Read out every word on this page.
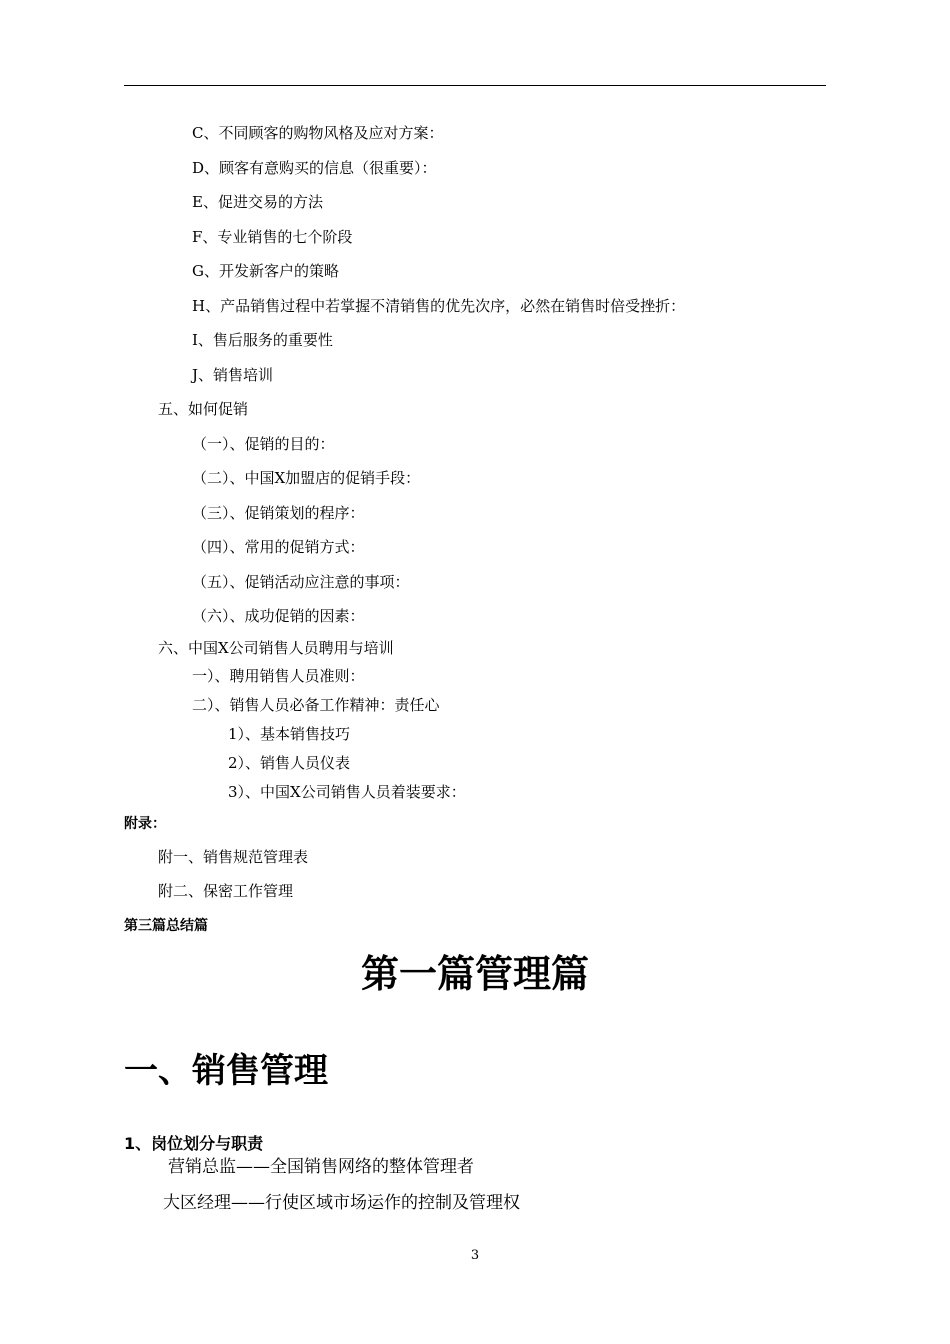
C、不同顾客的购物风格及应对方案：
D、顾客有意购买的信息（很重要）：
E、促进交易的方法
F、专业销售的七个阶段
G、开发新客户的策略
H、产品销售过程中若掌握不清销售的优先次序，必然在销售时倍受挫折：
I、售后服务的重要性
J、销售培训
五、如何促销
（一）、促销的目的：
（二）、中国X加盟店的促销手段：
（三）、促销策划的程序：
（四）、常用的促销方式：
（五）、促销活动应注意的事项：
（六）、成功促销的因素：
六、中国X公司销售人员聘用与培训
一）、聘用销售人员准则：
二）、销售人员必备工作精神：责任心
1）、基本销售技巧
2）、销售人员仪表
3）、中国X公司销售人员着装要求：
附录：
附一、销售规范管理表
附二、保密工作管理
第三篇总结篇
第一篇管理篇
一、销售管理
1、岗位划分与职责
营销总监——全国销售网络的整体管理者
大区经理——行使区域市场运作的控制及管理权
3
